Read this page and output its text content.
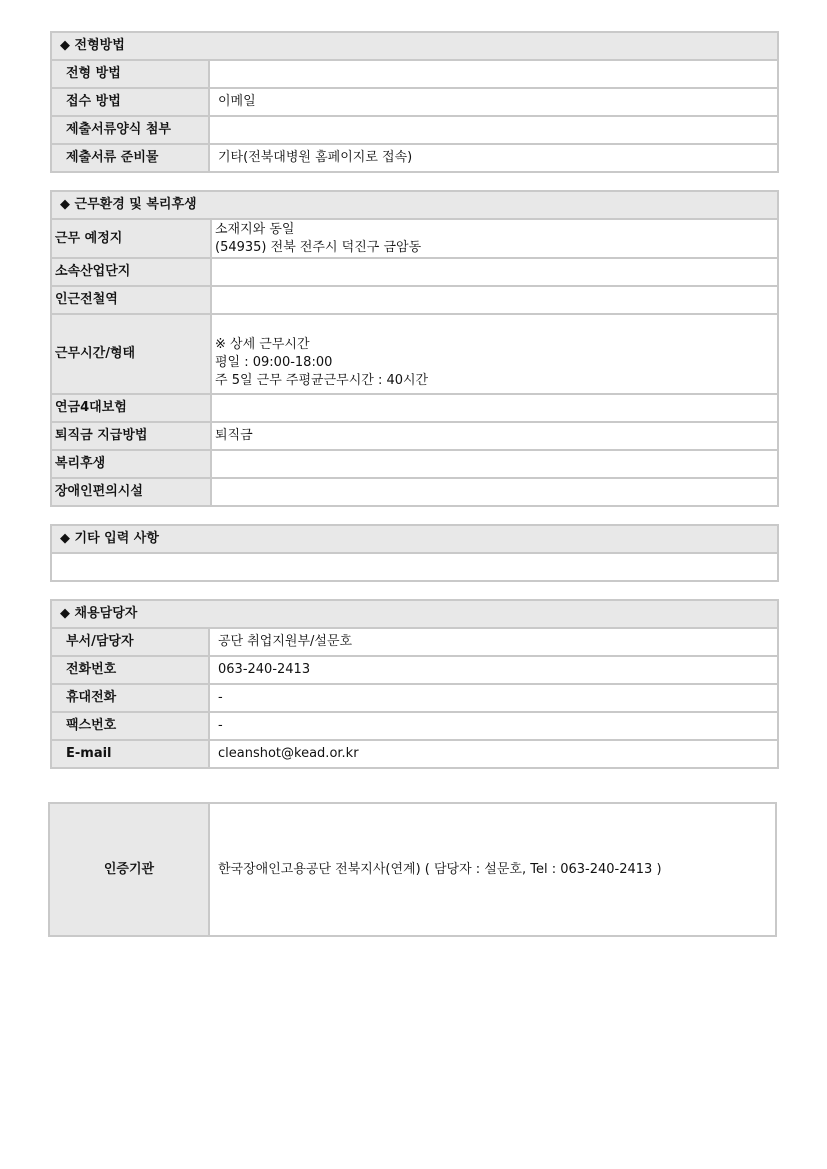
◆ 전형방법	
전형 방법	
접수 방법	이메일
제출서류양식 첨부	
제출서류 준비물	기타(전북대병원 홈페이지로 접속)
◆ 근무환경 및 복리후생	
근무 예정지	소재지와 동일
(54935) 전북 전주시 덕진구 금암동

소속산업단지	
인근전철역	
근무시간/형태	※ 상세 근무시간
평일 : 09:00-18:00
주 5일 근무 주평균근무시간 : 40시간

연금4대보험	
퇴직금 지급방법	퇴직금
복리후생	
장애인편의시설	
◆ 기타 입력 사항

◆ 채용담당자	
부서/담당자	공단 취업지원부/설문호
전화번호	063-240-2413
휴대전화	-
팩스번호	-
E-mail	cleanshot@kead.or.kr
인증기관	한국장애인고용공단 전북지사(연계) ( 담당자 : 설문호, Tel : 063-240-2413 )
